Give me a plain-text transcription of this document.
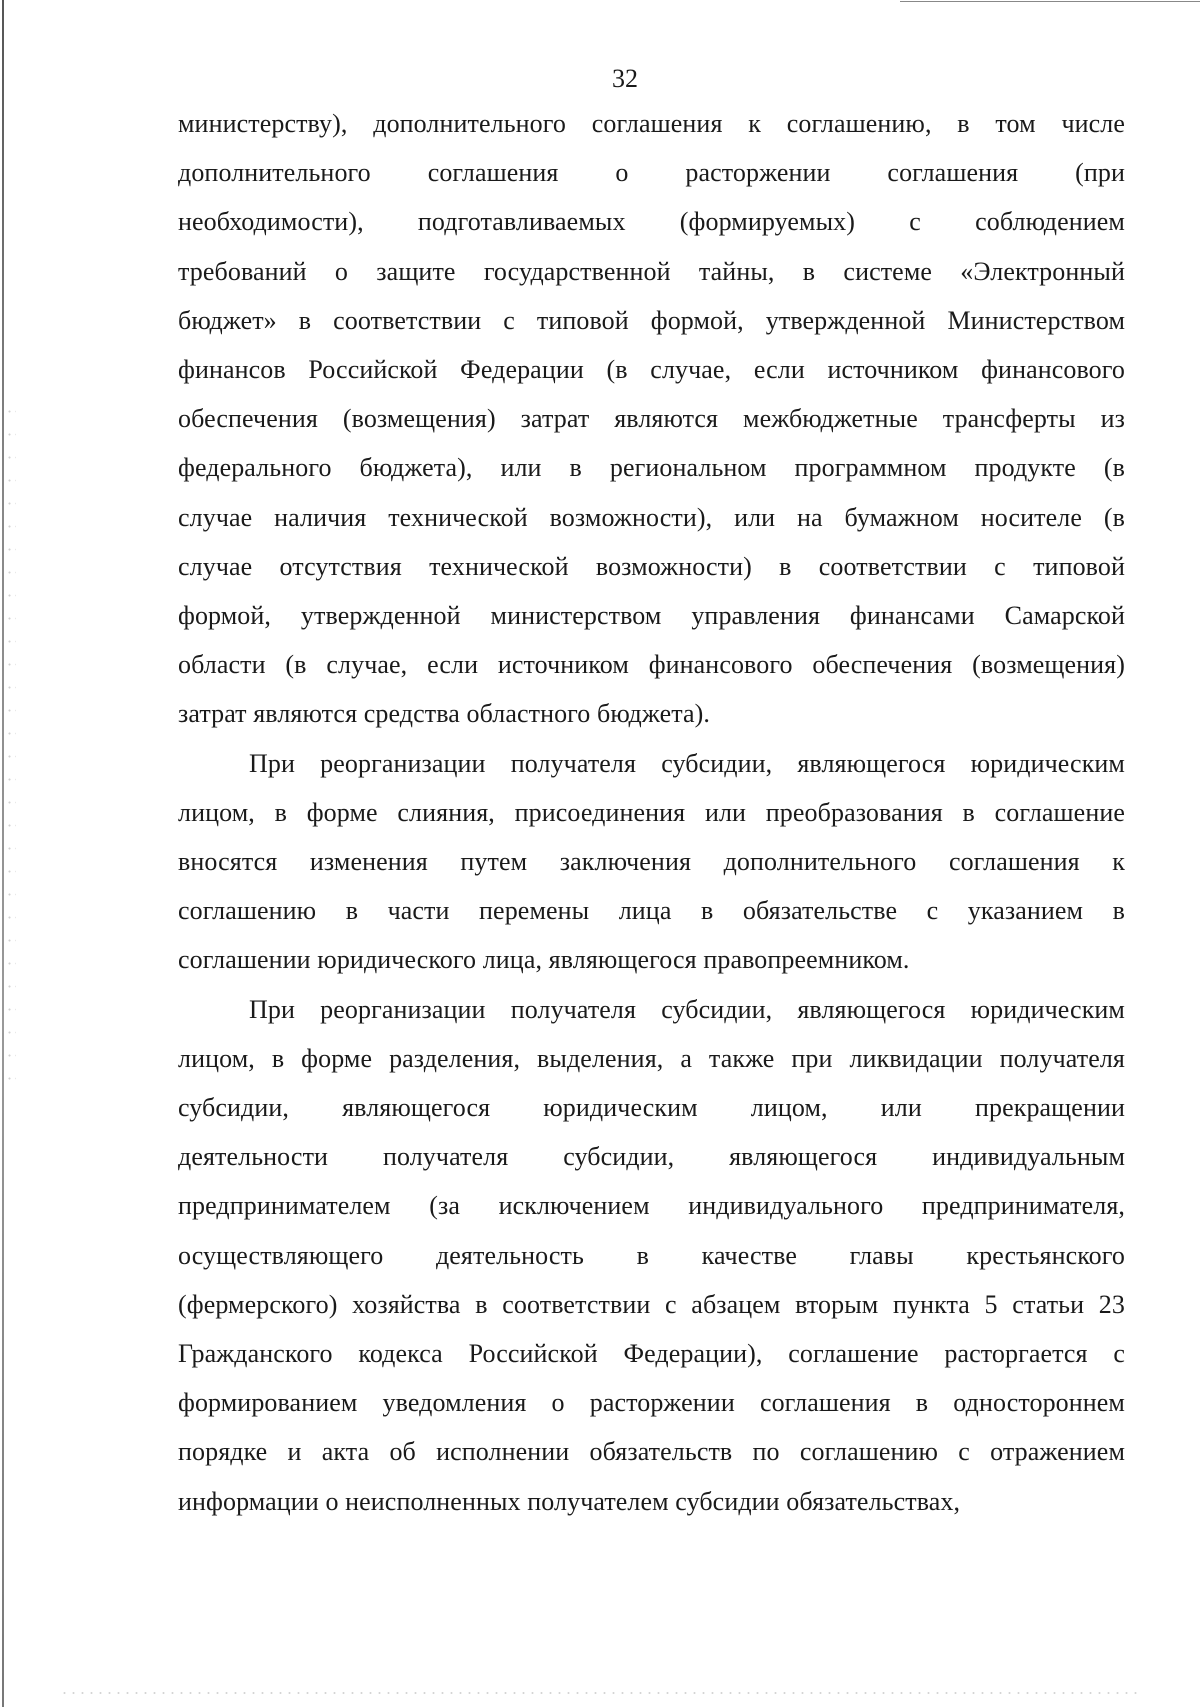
32
министерству), дополнительного соглашения к соглашению, в том числе
дополнительного соглашения о расторжении соглашения (при
необходимости), подготавливаемых (формируемых) с соблюдением
требований о защите государственной тайны, в системе «Электронный
бюджет» в соответствии с типовой формой, утвержденной Министерством
финансов Российской Федерации (в случае, если источником финансового
обеспечения (возмещения) затрат являются межбюджетные трансферты из
федерального бюджета), или в региональном программном продукте (в
случае наличия технической возможности), или на бумажном носителе (в
случае отсутствия технической возможности) в соответствии с типовой
формой, утвержденной министерством управления финансами Самарской
области (в случае, если источником финансового обеспечения (возмещения)
затрат являются средства областного бюджета).
При реорганизации получателя субсидии, являющегося юридическим
лицом, в форме слияния, присоединения или преобразования в соглашение
вносятся изменения путем заключения дополнительного соглашения к
соглашению в части перемены лица в обязательстве с указанием в
соглашении юридического лица, являющегося правопреемником.
При реорганизации получателя субсидии, являющегося юридическим
лицом, в форме разделения, выделения, а также при ликвидации получателя
субсидии, являющегося юридическим лицом, или прекращении
деятельности получателя субсидии, являющегося индивидуальным
предпринимателем (за исключением индивидуального предпринимателя,
осуществляющего деятельность в качестве главы крестьянского
(фермерского) хозяйства в соответствии с абзацем вторым пункта 5 статьи 23
Гражданского кодекса Российской Федерации), соглашение расторгается с
формированием уведомления о расторжении соглашения в одностороннем
порядке и акта об исполнении обязательств по соглашению с отражением
информации о неисполненных получателем субсидии обязательствах,
